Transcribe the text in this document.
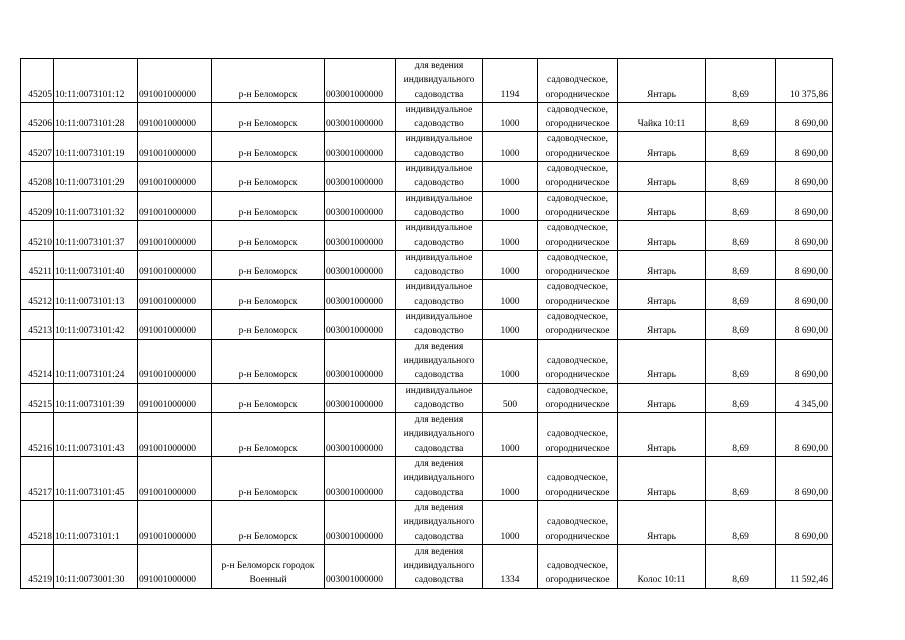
45205	10:11:0073101:12	091001000000	р-н Беломорск	003001000000	для ведения индивидуального садоводства	1194	садоводческое, огородническое	Янтарь	8,69	10 375,86
45206	10:11:0073101:28	091001000000	р-н Беломорск	003001000000	индивидуальное садоводство	1000	садоводческое, огородническое	Чайка 10:11	8,69	8 690,00
45207	10:11:0073101:19	091001000000	р-н Беломорск	003001000000	индивидуальное садоводство	1000	садоводческое, огородническое	Янтарь	8,69	8 690,00
45208	10:11:0073101:29	091001000000	р-н Беломорск	003001000000	индивидуальное садоводство	1000	садоводческое, огородническое	Янтарь	8,69	8 690,00
45209	10:11:0073101:32	091001000000	р-н Беломорск	003001000000	индивидуальное садоводство	1000	садоводческое, огородническое	Янтарь	8,69	8 690,00
45210	10:11:0073101:37	091001000000	р-н Беломорск	003001000000	индивидуальное садоводство	1000	садоводческое, огородническое	Янтарь	8,69	8 690,00
45211	10:11:0073101:40	091001000000	р-н Беломорск	003001000000	индивидуальное садоводство	1000	садоводческое, огородническое	Янтарь	8,69	8 690,00
45212	10:11:0073101:13	091001000000	р-н Беломорск	003001000000	индивидуальное садоводство	1000	садоводческое, огородническое	Янтарь	8,69	8 690,00
45213	10:11:0073101:42	091001000000	р-н Беломорск	003001000000	индивидуальное садоводство	1000	садоводческое, огородническое	Янтарь	8,69	8 690,00
45214	10:11:0073101:24	091001000000	р-н Беломорск	003001000000	для ведения индивидуального садоводства	1000	садоводческое, огородническое	Янтарь	8,69	8 690,00
45215	10:11:0073101:39	091001000000	р-н Беломорск	003001000000	индивидуальное садоводство	500	садоводческое, огородническое	Янтарь	8,69	4 345,00
45216	10:11:0073101:43	091001000000	р-н Беломорск	003001000000	для ведения индивидуального садоводства	1000	садоводческое, огородническое	Янтарь	8,69	8 690,00
45217	10:11:0073101:45	091001000000	р-н Беломорск	003001000000	для ведения индивидуального садоводства	1000	садоводческое, огородническое	Янтарь	8,69	8 690,00
45218	10:11:0073101:1	091001000000	р-н Беломорск	003001000000	для ведения индивидуального садоводства	1000	садоводческое, огородническое	Янтарь	8,69	8 690,00
45219	10:11:0073001:30	091001000000	р-н Беломорск городок Военный	003001000000	для ведения индивидуального садоводства	1334	садоводческое, огородническое	Колос 10:11	8,69	11 592,46
